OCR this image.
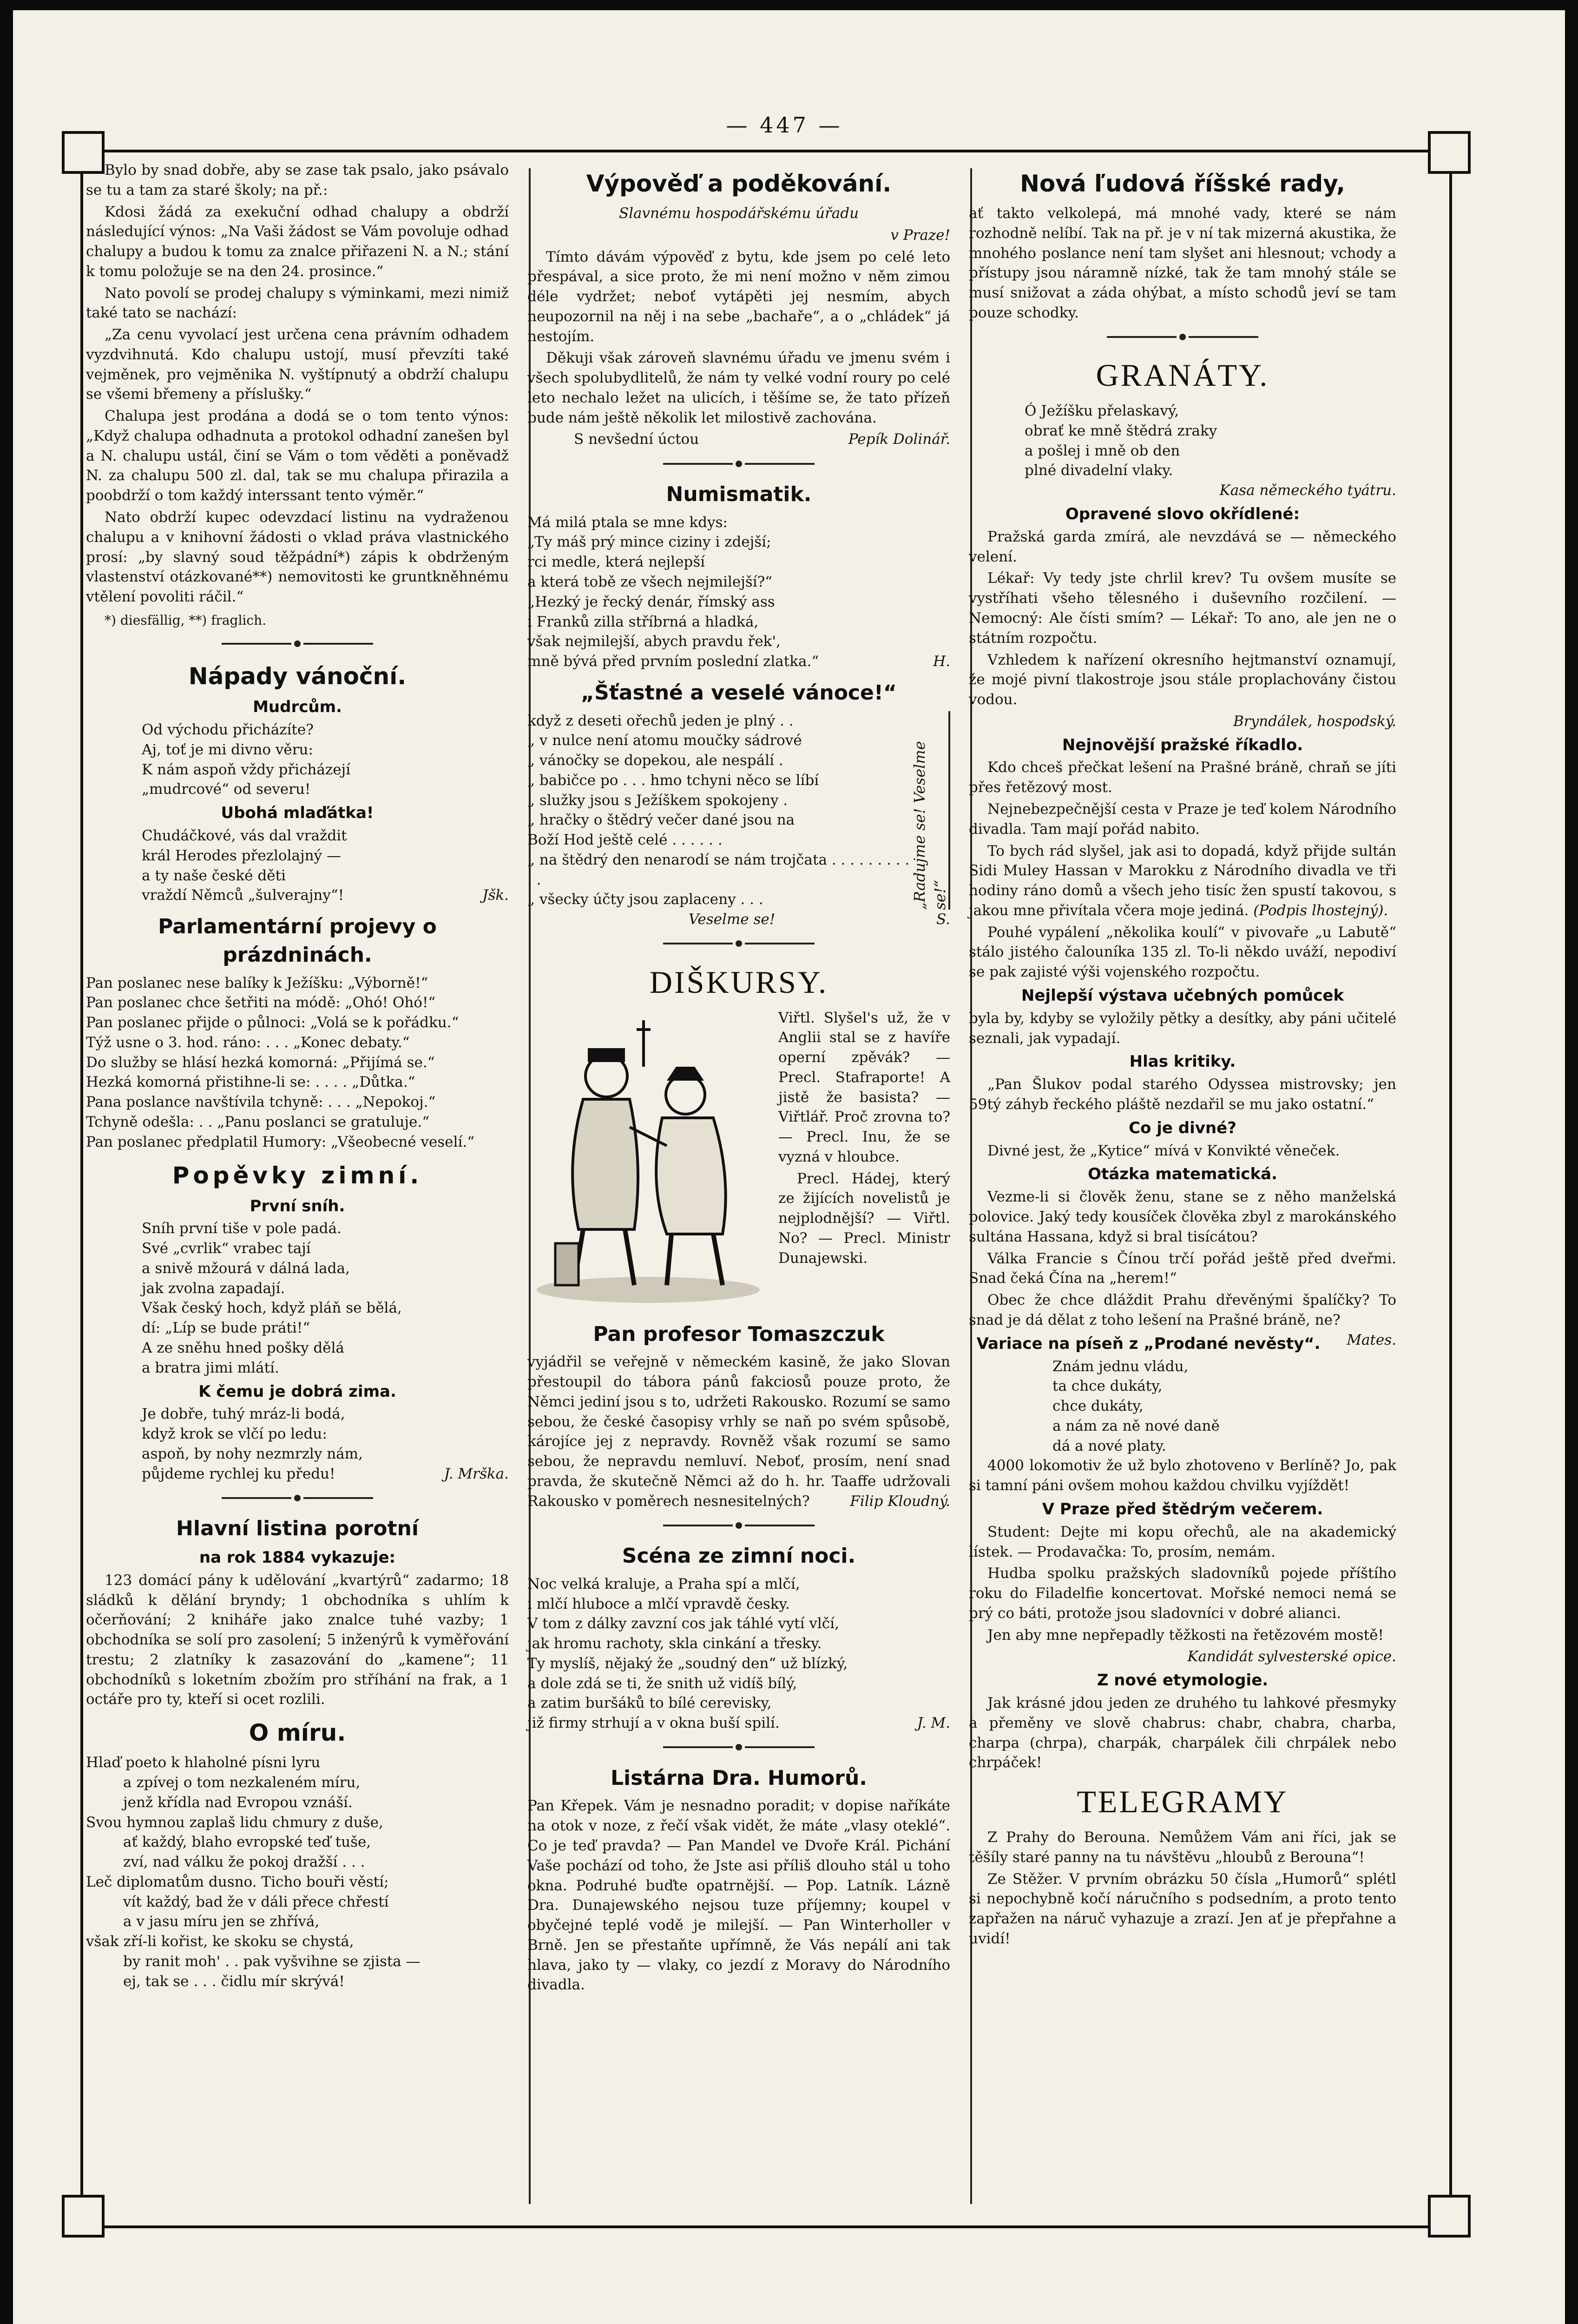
— 447 —

Bylo by snad dobře, aby se zase tak psalo, jako psávalo se tu a tam za staré školy; na př.:

Kdosi žádá za exekuční odhad chalupy a obdrží následující výnos: „Na Vaši žádost se Vám povoluje odhad chalupy a budou k tomu za znalce přiřazeni N. a N.; stání k tomu položuje se na den 24. prosince.“

Nato povolí se prodej chalupy s výminkami, mezi nimiž také tato se nachází:

„Za cenu vyvolací jest určena cena právním odhadem vyzdvihnutá. Kdo chalupu ustojí, musí převzíti také vejměnek, pro vejměnika N. vyštípnutý a obdrží chalupu se všemi břemeny a příslušky.“

Chalupa jest prodána a dodá se o tom tento výnos: „Když chalupa odhadnuta a protokol odhadní zanešen byl a N. chalupu ustál, činí se Vám o tom věděti a poněvadž N. za chalupu 500 zl. dal, tak se mu chalupa přirazila a poobdrží o tom každý interssant tento výměr.“

Nato obdrží kupec odevzdací listinu na vydraženou chalupu a v knihovní žádosti o vklad práva vlastnického prosí: „by slavný soud těžpádní*) zápis k obdrženým vlastenství otázkované**) nemovitosti ke gruntkněhnému vtělení povoliti ráčil.“

*) diesfällig, **) fraglich.

Nápady vánoční.
Mudrcům.

Od východu přicházíte?

Aj, toť je mi divno věru:

K nám aspoň vždy přicházejí

„mudrcové“ od severu!

Ubohá mlaďátka!

Chudáčkové, vás dal vraždit

král Herodes přezlolajný —

a ty naše české děti

vraždí Němců „šulverajny“!	Jšk.

Parlamentární projevy o prázdninách.

Pan poslanec nese balíky k Ježíšku: „Výborně!“

Pan poslanec chce šetřiti na módě: „Ohó! Ohó!“

Pan poslanec přijde o půlnoci: „Volá se k pořádku.“

Týž usne o 3. hod. ráno: . . . „Konec debaty.“

Do služby se hlásí hezká komorná: „Přijímá se.“

Hezká komorná přistihne-li se: . . . . „Důtka.“

Pana poslance navštívila tchyně: . . . „Nepokoj.“

Tchyně odešla: . . „Panu poslanci se gratuluje.“

Pan poslanec předplatil Humory: „Všeobecné veselí.“

Popěvky zimní.
První sníh.

Sníh první tiše v pole padá.

Své „cvrlik“ vrabec tají

a snivě mžourá v dálná lada,

jak zvolna zapadají.

Však český hoch, když pláň se bělá,

dí: „Líp se bude práti!“

A ze sněhu hned pošky dělá

a bratra jimi mlátí.

K čemu je dobrá zima.

Je dobře, tuhý mráz-li bodá,

když krok se vlčí po ledu:

aspoň, by nohy nezmrzly nám,

půjdeme rychlej ku předu!	J. Mrška.

Hlavní listina porotní
na rok 1884 vykazuje:

123 domácí pány k udělování „kvartýrů“ zadarmo; 18 sládků k dělání bryndy; 1 obchodníka s uhlím k očerňování; 2 kniháře jako znalce tuhé vazby; 1 obchodníka se solí pro zasolení; 5 inženýrů k vyměřování trestu; 2 zlatníky k zasazování do „kamene“; 11 obchodníků s loketním zbožím pro stříhání na frak, a 1 octáře pro ty, kteří si ocet rozlili.

O míru.

Hlaď poeto k hlaholné písni lyru

a zpívej o tom nezkaleném míru,

jenž křídla nad Evropou vznáší.

Svou hymnou zaplaš lidu chmury z duše,

ať každý, blaho evropské teď tuše,

zví, nad válku že pokoj dražší . . .

Leč diplomatům dusno. Ticho bouři věstí;

vít každý, bad že v dáli přece chřestí

a v jasu míru jen se zhřívá,

však zří-li kořist, ke skoku se chystá,

by ranit moh' . . pak vyšvihne se zjista —

ej, tak se . . . čidlu mír skrývá!

Výpověď a poděkování.

Slavnému hospodářskému úřadu

v Praze!

Tímto dávám výpověď z bytu, kde jsem po celé leto přespával, a sice proto, že mi není možno v něm zimou déle vydržet; neboť vytápěti jej nesmím, abych neupozornil na něj i na sebe „bachaře“, a o „chládek“ já nestojím.

Děkuji však zároveň slavnému úřadu ve jmenu svém i všech spolubydlitelů, že nám ty velké vodní roury po celé leto nechalo ležet na ulicích, i těšíme se, že tato přízeň bude nám ještě několik let milostivě zachována.

S nevšední úctou	Pepík Dolinář.

Numismatik.

Má milá ptala se mne kdys:

„Ty máš prý mince ciziny i zdejší;

rci medle, která nejlepší

a která tobě ze všech nejmilejší?“

„Hezký je řecký denár, římský ass

i Franků zilla stříbrná a hladká,

však nejmilejší, abych pravdu řek',

mně bývá před prvním poslední zlatka.“	H.

„Šťastné a veselé vánoce!“

když z deseti ořechů jeden je plný . .

„ v nulce není atomu moučky sádrové

„ vánočky se dopekou, ale nespálí .

„ babičce po . . . hmo tchyni něco se líbí

„ služky jsou s Ježíškem spokojeny .

„ hračky o štědrý večer dané jsou na

Boží Hod ještě celé . . . . . .

„ na štědrý den nenarodí se nám trojčata . . . . . . . . . . .

„ všecky účty jsou zaplaceny . . .	„Radujme se! Veselme se!“

Veselme se!	S.

DIŠKURSY.

Viřtl. Slyšel's už, že v Anglii stal se z havíře operní zpěvák? — Precl. Stafraporte! A jistě že basista? — Viřtlář. Proč zrovna to? — Precl. Inu, že se vyzná v hloubce.

Precl. Hádej, který ze žijících novelistů je nejplodnější? — Viřtl. No? — Precl. Ministr Dunajewski.

Pan profesor Tomaszczuk

vyjádřil se veřejně v německém kasině, že jako Slovan přestoupil do tábora pánů fakciosů pouze proto, že Němci jediní jsou s to, udržeti Rakousko. Rozumí se samo sebou, že české časopisy vrhly se naň po svém spůsobě, károjíce jej z nepravdy. Rovněž však rozumí se samo sebou, že nepravdu nemluví. Neboť, prosím, není snad pravda, že skutečně Němci až do h. hr. Taaffe udržovali Rakousko v poměrech nesnesitelných?	Filip Kloudný.

Scéna ze zimní noci.

Noc velká kraluje, a Praha spí a mlčí,

i mlčí hluboce a mlčí vpravdě česky.

V tom z dálky zavzní cos jak táhlé vytí vlčí,

jak hromu rachoty, skla cinkání a třesky.

Ty myslíš, nějaký že „soudný den“ už blízký,

a dole zdá se ti, že snith už vidíš bílý,

a zatim buršáků to bílé cerevisky,

již firmy strhují a v okna buší spilí.	J. M.

Listárna Dra. Humorů.

Pan Křepek. Vám je nesnadno poradit; v dopise naříkáte na otok v noze, z řečí však vidět, že máte „vlasy oteklé“. Co je teď pravda? — Pan Mandel ve Dvoře Král. Pichání Vaše pochází od toho, že Jste asi příliš dlouho stál u toho okna. Podruhé buďte opatrnější. — Pop. Latník. Lázně Dra. Dunajewského nejsou tuze příjemny; koupel v obyčejné teplé vodě je milejší. — Pan Winterholler v Brně. Jen se přestaňte upřímně, že Vás nepálí ani tak hlava, jako ty — vlaky, co jezdí z Moravy do Národního divadla.

Nová ľudová říšské rady,

ať takto velkolepá, má mnohé vady, které se nám rozhodně nelíbí. Tak na př. je v ní tak mizerná akustika, že mnohého poslance není tam slyšet ani hlesnout; vchody a přístupy jsou náramně nízké, tak že tam mnohý stále se musí snižovat a záda ohýbat, a místo schodů jeví se tam pouze schodky.

GRANÁTY.

Ó Ježíšku přelaskavý,

obrať ke mně štědrá zraky

a pošlej i mně ob den

plné divadelní vlaky.

Kasa německého tyátru.

Opravené slovo okřídlené:

Pražská garda zmírá, ale nevzdává se — německého velení.

Lékař: Vy tedy jste chrlil krev? Tu ovšem musíte se vystříhati všeho tělesného i duševního rozčilení. — Nemocný: Ale čísti smím? — Lékař: To ano, ale jen ne o státním rozpočtu.

Vzhledem k nařízení okresního hejtmanství oznamují, že mojé pivní tlakostroje jsou stále proplachovány čistou vodou.

Bryndálek, hospodský.

Nejnovější pražské říkadlo.

Kdo chceš přečkat lešení na Prašné bráně, chraň se jíti přes řetězový most.

Nejnebezpečnější cesta v Praze je teď kolem Národního divadla. Tam mají pořád nabito.

To bych rád slyšel, jak asi to dopadá, když přijde sultán Sidi Muley Hassan v Marokku z Národního divadla ve tři hodiny ráno domů a všech jeho tisíc žen spustí takovou, s jakou mne přivítala včera moje jediná. (Podpis lhostejný).

Pouhé vypálení „několika koulí“ v pivovaře „u Labutě“ stálo jistého čalouníka 135 zl. To-li někdo uváží, nepodiví se pak zajisté výši vojenského rozpočtu.

Nejlepší výstava učebných pomůcek

byla by, kdyby se vyložily pětky a desítky, aby páni učitelé seznali, jak vypadají.

Hlas kritiky.

„Pan Šlukov podal starého Odyssea mistrovsky; jen 59tý záhyb řeckého pláště nezdařil se mu jako ostatní.“

Co je divné?

Divné jest, že „Kytice“ mívá v Konvikté věneček.

Otázka matematická.

Vezme-li si člověk ženu, stane se z něho manželská polovice. Jaký tedy kousíček člověka zbyl z marokánského sultána Hassana, když si bral tisícátou?

Válka Francie s Čínou trčí pořád ještě před dveřmi. Snad čeká Čína na „herem!“

Obec že chce dláždit Prahu dřevěnými špalíčky? To snad je dá dělat z toho lešení na Prašné bráně, ne?
Mates.

Variace na píseň z „Prodané nevěsty“.

Znám jednu vládu,

ta chce dukáty,

chce dukáty,

a nám za ně nové daně

dá a nové platy.

4000 lokomotiv že už bylo zhotoveno v Berlíně? Jo, pak si tamní páni ovšem mohou každou chvilku vyjíždět!

V Praze před štědrým večerem.

Student: Dejte mi kopu ořechů, ale na akademický lístek. — Prodavačka: To, prosím, nemám.

Hudba spolku pražských sladovníků pojede příštího roku do Filadelfie koncertovat. Mořské nemoci nemá se prý co báti, protože jsou sladovníci v dobré alianci.

Jen aby mne nepřepadly těžkosti na řetězovém mostě!

Kandidát sylvesterské opice.

Z nové etymologie.

Jak krásné jdou jeden ze druhého tu lahkové přesmyky a přeměny ve slově chabrus: chabr, chabra, charba, charpa (chrpa), charpák, charpálek čili chrpálek nebo chrpáček!

TELEGRAMY

Z Prahy do Berouna. Nemůžem Vám ani říci, jak se těšíly staré panny na tu návštěvu „hloubů z Berouna“!

Ze Stěžer. V prvním obrázku 50 čísla „Humorů“ splétl si nepochybně kočí náručního s podsedním, a proto tento zapřažen na náruč vyhazuje a zrazí. Jen ať je přepřahne a uvidí!
